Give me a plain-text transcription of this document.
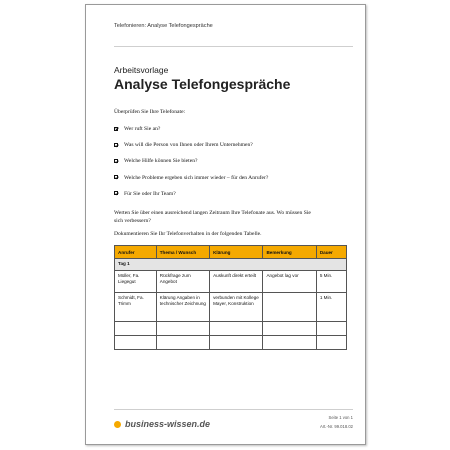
Telefonieren: Analyse Telefongespräche
Arbeitsvorlage
Analyse Telefongespräche
Überprüfen Sie Ihre Telefonate:
Wer ruft Sie an?
Was will die Person von Ihnen oder Ihrem Unternehmen?
Welche Hilfe können Sie bieten?
Welche Probleme ergeben sich immer wieder – für den Anrufer?
Für Sie oder Ihr Team?
Werten Sie über einen ausreichend langen Zeitraum Ihre Telefonate aus. Wo müssen Sie sich verbessern?
Dokumentieren Sie Ihr Telefonverhalten in der folgenden Tabelle.
Anrufer	Thema / Wunsch	Klärung	Bemerkung	Dauer
Tag 1				
Müller, Fa. Liegegut	Rückfrage zum Angebot	Auskunft direkt erteilt	Angebot lag vor	5 Min.
Schmidt, Fa. Trimm	Klärung Angaben in technischer Zeichnung	verbunden mit Kollege Mayer, Konstruktion		1 Min.

business-wissen.de
Seite 1 von 1
Art.-Nr. 99.018.02
